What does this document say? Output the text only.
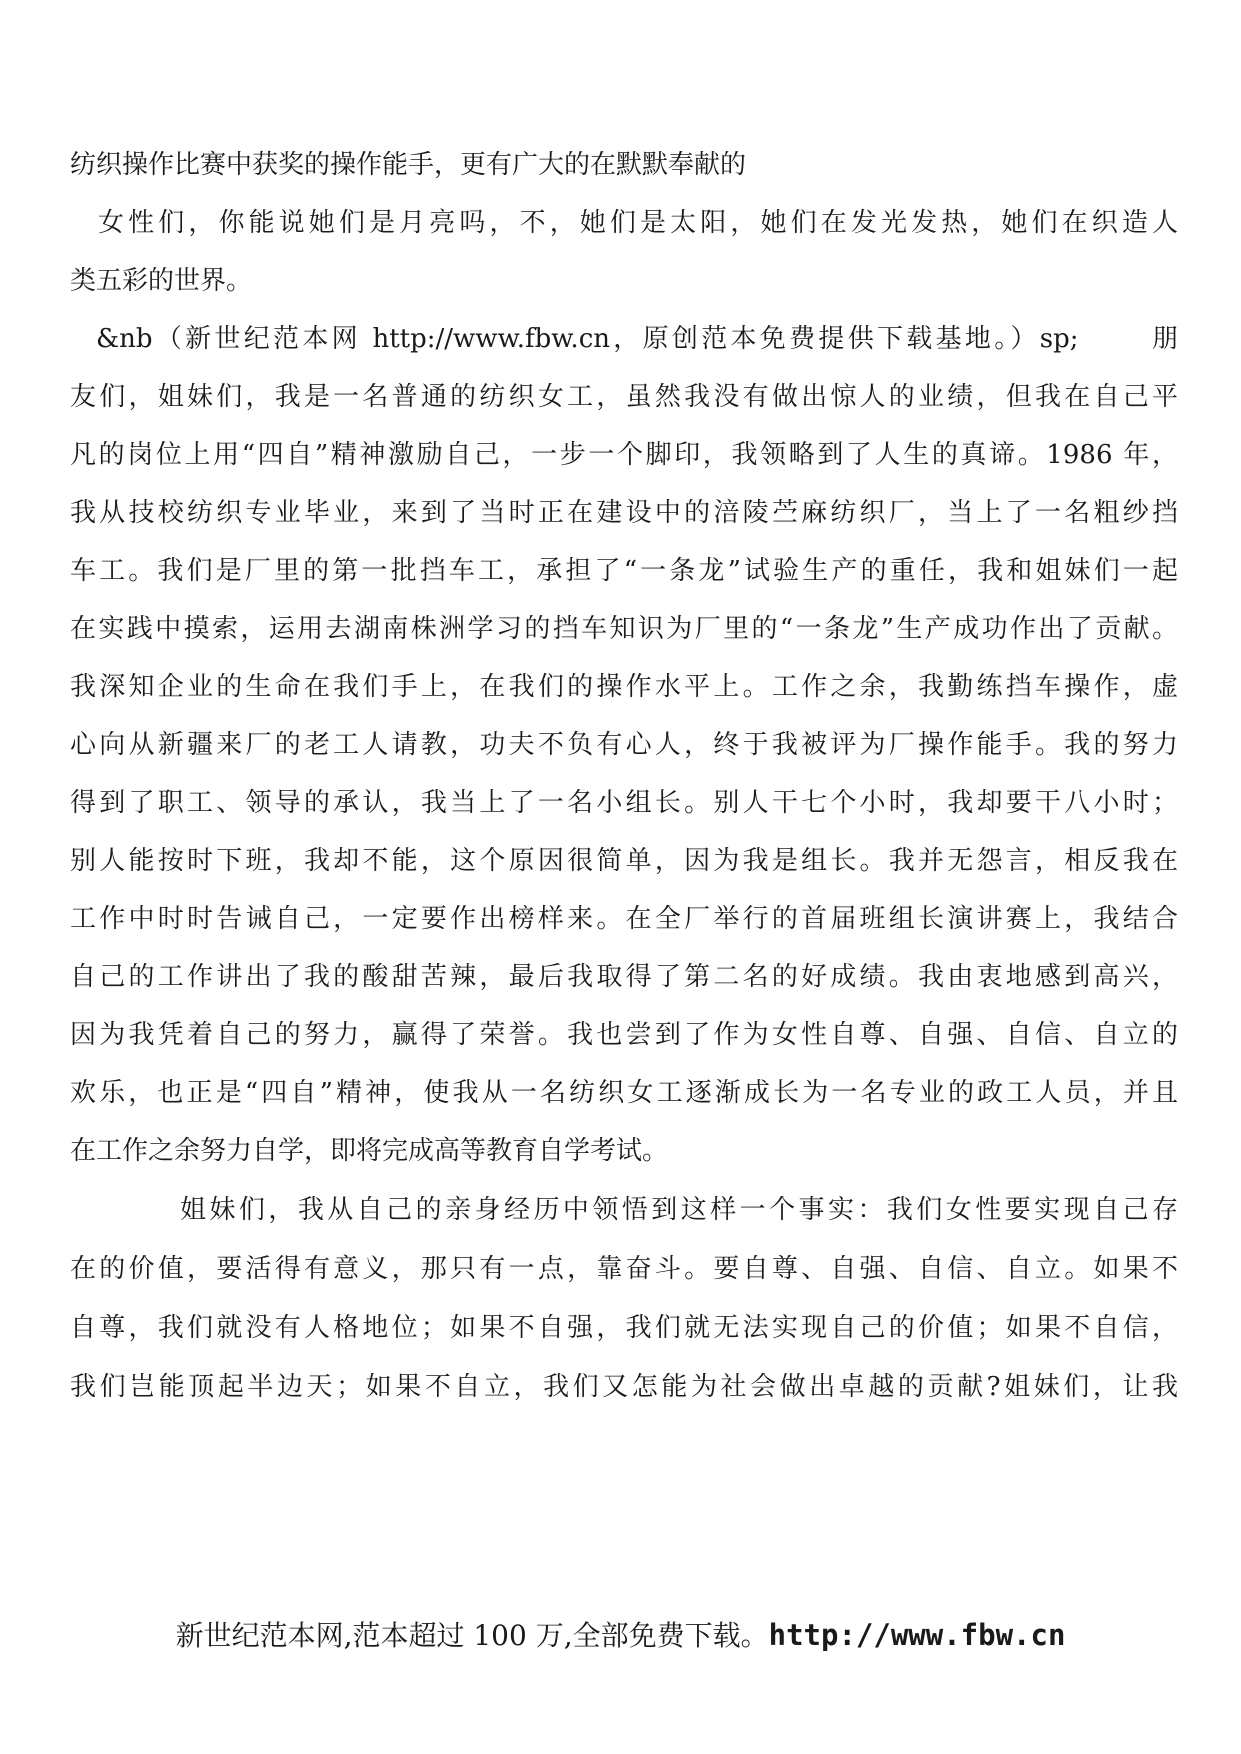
纺织操作比赛中获奖的操作能手，更有广大的在默默奉献的
女性们，你能说她们是月亮吗，不，她们是太阳，她们在发光发热，她们在织造人
类五彩的世界。
&nb（新世纪范本网 http://www.fbw.cn，原创范本免费提供下载基地。）sp;　　 朋
友们，姐妹们，我是一名普通的纺织女工，虽然我没有做出惊人的业绩，但我在自己平
凡的岗位上用“四自”精神激励自己，一步一个脚印，我领略到了人生的真谛。1986 年，
我从技校纺织专业毕业，来到了当时正在建设中的涪陵苎麻纺织厂，当上了一名粗纱挡
车工。我们是厂里的第一批挡车工，承担了“一条龙”试验生产的重任，我和姐妹们一起
在实践中摸索，运用去湖南株洲学习的挡车知识为厂里的“一条龙”生产成功作出了贡献。
我深知企业的生命在我们手上，在我们的操作水平上。工作之余，我勤练挡车操作，虚
心向从新疆来厂的老工人请教，功夫不负有心人，终于我被评为厂操作能手。我的努力
得到了职工、领导的承认，我当上了一名小组长。别人干七个小时，我却要干八小时；
别人能按时下班，我却不能，这个原因很简单，因为我是组长。我并无怨言，相反我在
工作中时时告诫自己，一定要作出榜样来。在全厂举行的首届班组长演讲赛上，我结合
自己的工作讲出了我的酸甜苦辣，最后我取得了第二名的好成绩。我由衷地感到高兴，
因为我凭着自己的努力，赢得了荣誉。我也尝到了作为女性自尊、自强、自信、自立的
欢乐，也正是“四自”精神，使我从一名纺织女工逐渐成长为一名专业的政工人员，并且
在工作之余努力自学，即将完成高等教育自学考试。
姐妹们，我从自己的亲身经历中领悟到这样一个事实：我们女性要实现自己存
在的价值，要活得有意义，那只有一点，靠奋斗。要自尊、自强、自信、自立。如果不
自尊，我们就没有人格地位；如果不自强，我们就无法实现自己的价值；如果不自信，
我们岂能顶起半边天；如果不自立，我们又怎能为社会做出卓越的贡献?姐妹们，让我
新世纪范本网,范本超过 100 万,全部免费下载。http://www.fbw.cn
